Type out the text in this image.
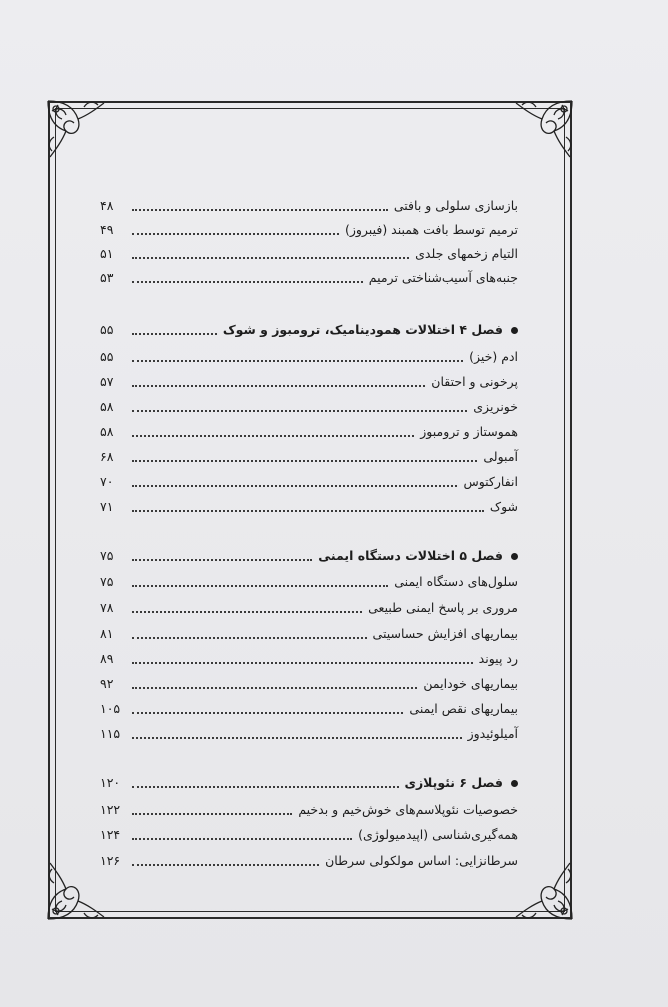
بازسازی سلولی و بافتی
۴۸
ترمیم توسط بافت همبند (فیبروز)
۴۹
التیام زخمهای جلدی
۵۱
جنبه‌های آسیب‌شناختی ترمیم
۵۳
فصل ۴ اختلالات همودینامیک، ترومبوز و شوک
۵۵
ادم (خیز)
۵۵
پرخونی و احتقان
۵۷
خونریزی
۵۸
هموستاز و ترومبوز
۵۸
آمبولی
۶۸
انفارکتوس
۷۰
شوک
۷۱
فصل ۵ اختلالات دستگاه ایمنی
۷۵
سلول‌های دستگاه ایمنی
۷۵
مروری بر پاسخ ایمنی طبیعی
۷۸
بیماریهای افزایش حساسیتی
۸۱
رد پیوند
۸۹
بیماریهای خودایمن
۹۲
بیماریهای نقص ایمنی
۱۰۵
آمیلوئیدوز
۱۱۵
فصل ۶ نئوپلازی
۱۲۰
خصوصیات نئوپلاسم‌های خوش‌خیم و بدخیم
۱۲۲
همه‌گیری‌شناسی (اپیدمیولوژی)
۱۲۴
سرطانزایی: اساس مولکولی سرطان
۱۲۶
